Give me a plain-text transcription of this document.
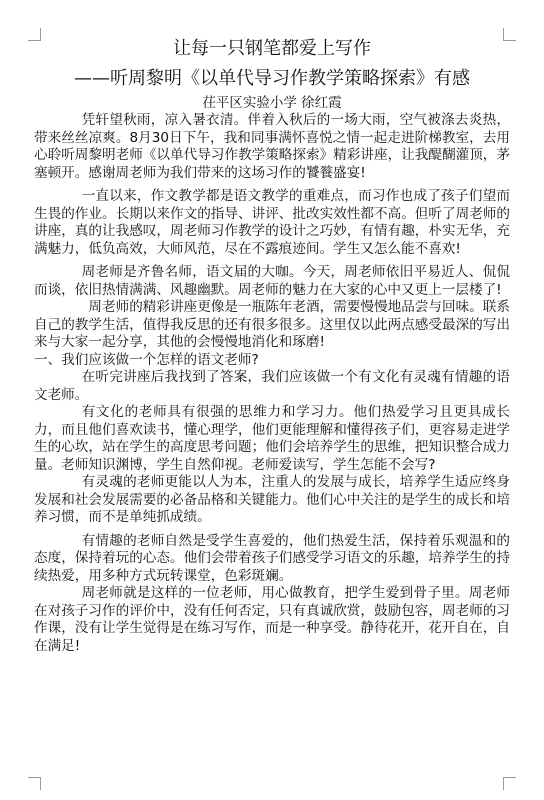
让每一只钢笔都爱上写作
——听周黎明《以单代导习作教学策略探索》有感
茌平区实验小学 徐红霞

凭轩望秋雨，凉入暑衣清。伴着入秋后的一场大雨，空气被涤去炎热，带来丝丝凉爽。8月30日下午，我和同事满怀喜悦之情一起走进阶梯教室，去用心聆听周黎明老师《以单代导习作教学策略探索》精彩讲座，让我醍醐灌顶，茅塞顿开。感谢周老师为我们带来的这场习作的饕餮盛宴!

一直以来，作文教学都是语文教学的重难点，而习作也成了孩子们望而生畏的作业。长期以来作文的指导、讲评、批改实效性都不高。但听了周老师的讲座，真的让我感叹，周老师习作教学的设计之巧妙，有情有趣，朴实无华，充满魅力，低负高效，大师风范，尽在不露痕迹间。学生又怎么能不喜欢!

周老师是齐鲁名师，语文届的大咖。今天，周老师依旧平易近人、侃侃而谈，依旧热情满满、风趣幽默。周老师的魅力在大家的心中又更上一层楼了!

周老师的精彩讲座更像是一瓶陈年老酒，需要慢慢地品尝与回味。联系自己的教学生活，值得我反思的还有很多很多。这里仅以此两点感受最深的写出来与大家一起分享，其他的会慢慢地消化和琢磨!

一、我们应该做一个怎样的语文老师?

在听完讲座后我找到了答案，我们应该做一个有文化有灵魂有情趣的语文老师。

有文化的老师具有很强的思维力和学习力。他们热爱学习且更具成长力，而且他们喜欢读书，懂心理学，他们更能理解和懂得孩子们，更容易走进学生的心坎，站在学生的高度思考问题；他们会培养学生的思维，把知识整合成力量。老师知识渊博，学生自然仰视。老师爱读写，学生怎能不会写?

有灵魂的老师更能以人为本，注重人的发展与成长，培养学生适应终身发展和社会发展需要的必备品格和关键能力。他们心中关注的是学生的成长和培养习惯，而不是单纯抓成绩。

有情趣的老师自然是受学生喜爱的，他们热爱生活，保持着乐观温和的态度，保持着玩的心态。他们会带着孩子们感受学习语文的乐趣，培养学生的持续热爱，用多种方式玩转课堂，色彩斑斓。

周老师就是这样的一位老师，用心做教育，把学生爱到骨子里。周老师在对孩子习作的评价中，没有任何否定，只有真诚欣赏，鼓励包容，周老师的习作课，没有让学生觉得是在练习写作，而是一种享受。静待花开，花开自在，自在满足!
